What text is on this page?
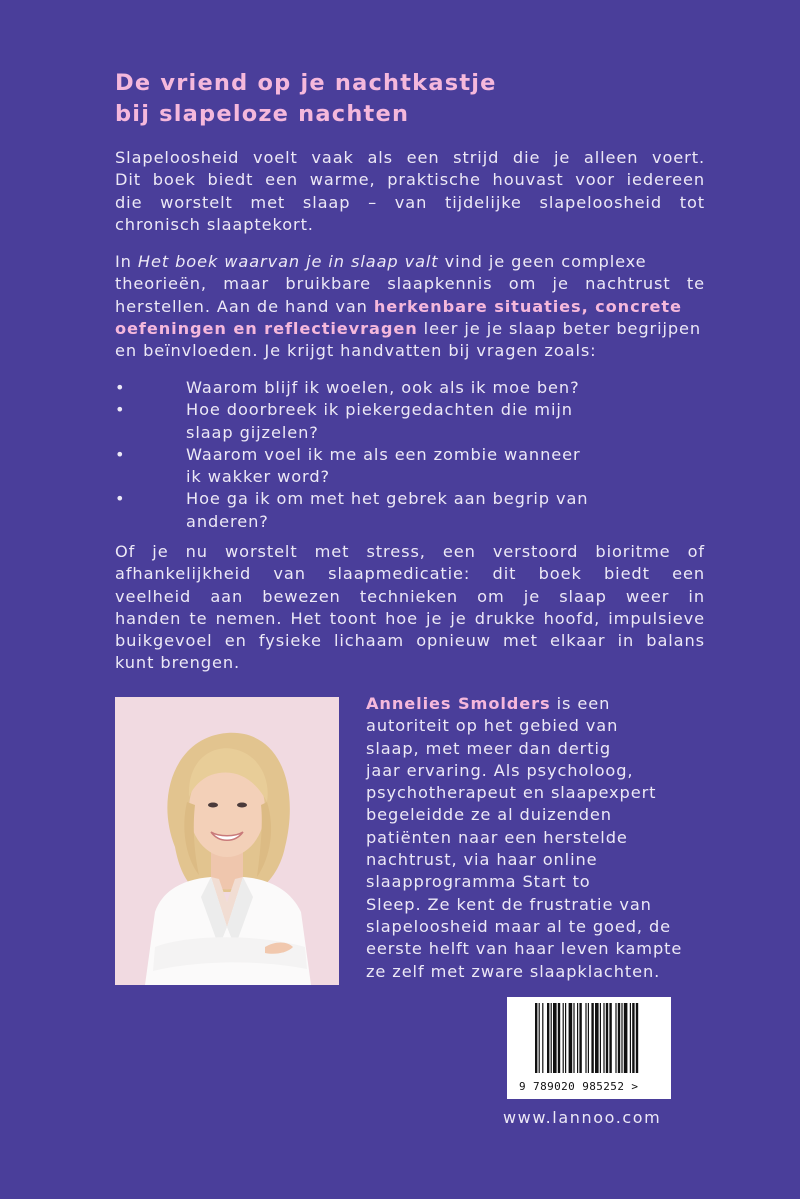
De vriend op je nachtkastje
bij slapeloze nachten
Slapeloosheid voelt vaak als een strijd die je alleen voert.
Dit boek biedt een warme, praktische houvast voor iedereen
die worstelt met slaap – van tijdelijke slapeloosheid tot
chronisch slaaptekort.
In Het boek waarvan je in slaap valt vind je geen complexe
theorieën, maar bruikbare slaapkennis om je nachtrust te
herstellen. Aan de hand van herkenbare situaties, concrete
oefeningen en reflectievragen leer je je slaap beter begrijpen
en beïnvloeden. Je krijgt handvatten bij vragen zoals:
•	Waarom blijf ik woelen, ook als ik moe ben?
•	Hoe doorbreek ik piekergedachten die mijn
slaap gijzelen?
•	Waarom voel ik me als een zombie wanneer
ik wakker word?
•	Hoe ga ik om met het gebrek aan begrip van
anderen?
Of je nu worstelt met stress, een verstoord bioritme of
afhankelijkheid van slaapmedicatie: dit boek biedt een
veelheid aan bewezen technieken om je slaap weer in
handen te nemen. Het toont hoe je je drukke hoofd, impulsieve
buikgevoel en fysieke lichaam opnieuw met elkaar in balans
kunt brengen.
Annelies Smolders is een
autoriteit op het gebied van
slaap, met meer dan dertig
jaar ervaring. Als psycholoog,
psychotherapeut en slaapexpert
begeleidde ze al duizenden
patiënten naar een herstelde
nachtrust, via haar online
slaapprogramma Start to
Sleep. Ze kent de frustratie van
slapeloosheid maar al te goed, de
eerste helft van haar leven kampte
ze zelf met zware slaapklachten.
9 789020 985252 >
www.lannoo.com
